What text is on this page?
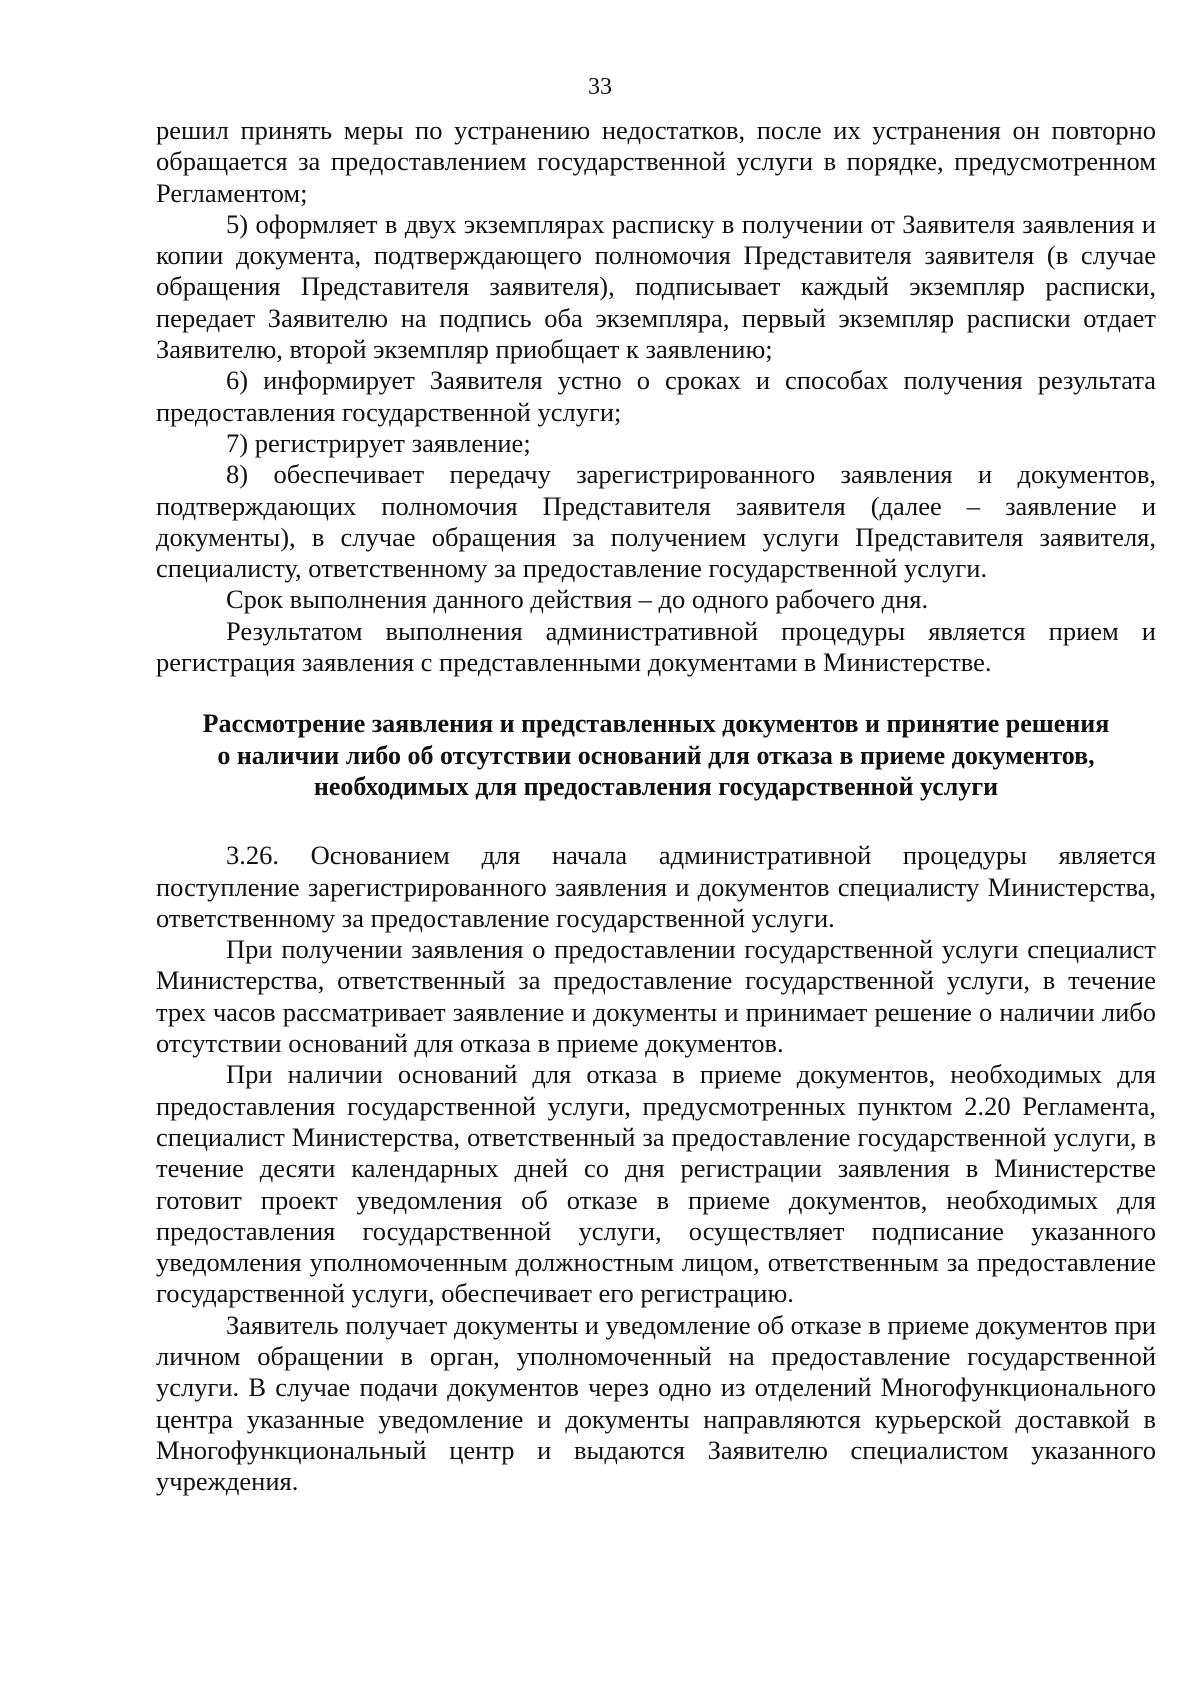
33

решил принять меры по устранению недостатков, после их устранения он повторно обращается за предоставлением государственной услуги в порядке, предусмотренном Регламентом;

5) оформляет в двух экземплярах расписку в получении от Заявителя заявления и копии документа, подтверждающего полномочия Представителя заявителя (в случае обращения Представителя заявителя), подписывает каждый экземпляр расписки, передает Заявителю на подпись оба экземпляра, первый экземпляр расписки отдает Заявителю, второй экземпляр приобщает к заявлению;

6) информирует Заявителя устно о сроках и способах получения результата предоставления государственной услуги;

7) регистрирует заявление;

8) обеспечивает передачу зарегистрированного заявления и документов, подтверждающих полномочия Представителя заявителя (далее – заявление и документы), в случае обращения за получением услуги Представителя заявителя, специалисту, ответственному за предоставление государственной услуги.

Срок выполнения данного действия – до одного рабочего дня.

Результатом выполнения административной процедуры является прием и регистрация заявления с представленными документами в Министерстве.

Рассмотрение заявления и представленных документов и принятие решения
о наличии либо об отсутствии оснований для отказа в приеме документов,
необходимых для предоставления государственной услуги

3.26. Основанием для начала административной процедуры является поступление зарегистрированного заявления и документов специалисту Министерства, ответственному за предоставление государственной услуги.

При получении заявления о предоставлении государственной услуги специалист Министерства, ответственный за предоставление государственной услуги, в течение трех часов рассматривает заявление и документы и принимает решение о наличии либо отсутствии оснований для отказа в приеме документов.

При наличии оснований для отказа в приеме документов, необходимых для предоставления государственной услуги, предусмотренных пунктом 2.20 Регламента, специалист Министерства, ответственный за предоставление государственной услуги, в течение десяти календарных дней со дня регистрации заявления в Министерстве готовит проект уведомления об отказе в приеме документов, необходимых для предоставления государственной услуги, осуществляет подписание указанного уведомления уполномоченным должностным лицом, ответственным за предоставление государственной услуги, обеспечивает его регистрацию.

Заявитель получает документы и уведомление об отказе в приеме документов при личном обращении в орган, уполномоченный на предоставление государственной услуги. В случае подачи документов через одно из отделений Многофункционального центра указанные уведомление и документы направляются курьерской доставкой в Многофункциональный центр и выдаются Заявителю специалистом указанного учреждения.
